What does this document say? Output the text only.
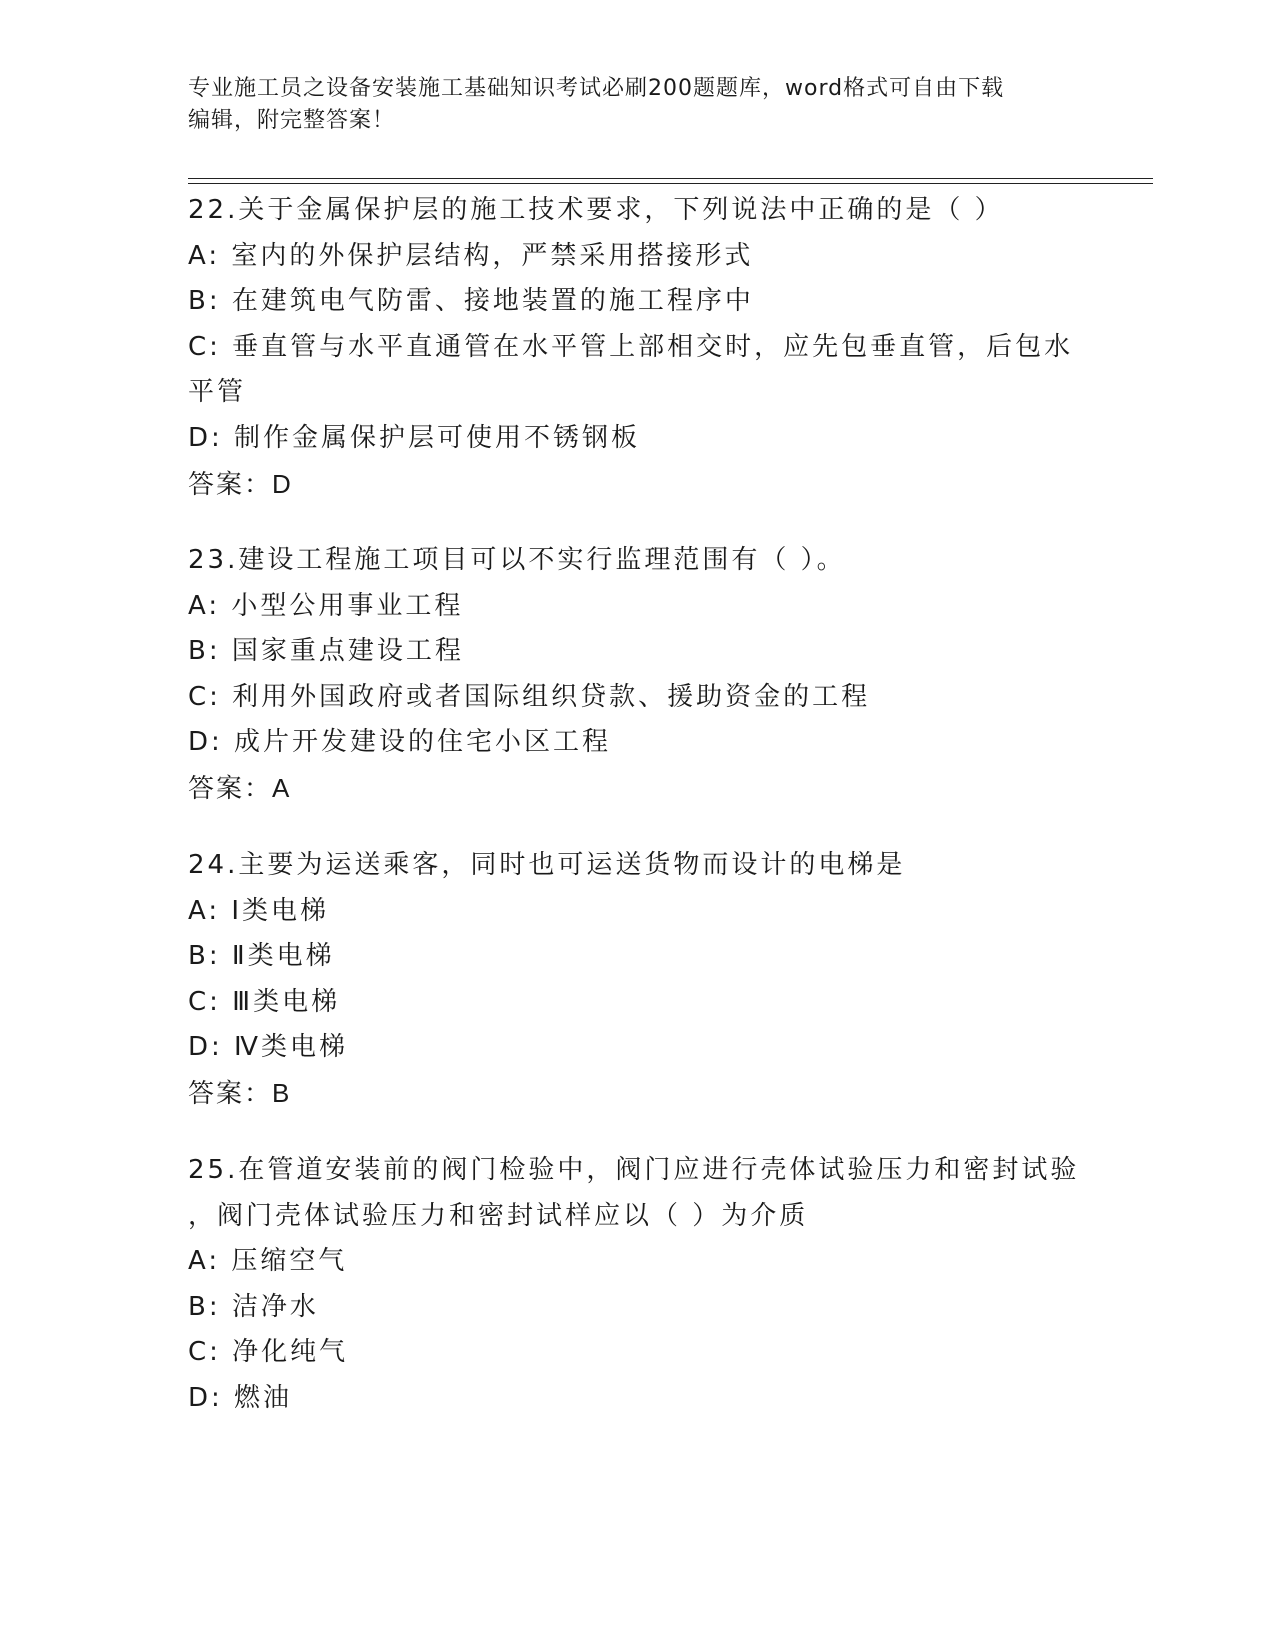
专业施工员之设备安装施工基础知识考试必刷200题题库，word格式可自由下载
编辑，附完整答案！
22.关于金属保护层的施工技术要求，下列说法中正确的是（ ）
A: 室内的外保护层结构，严禁采用搭接形式
B: 在建筑电气防雷、接地装置的施工程序中
C: 垂直管与水平直通管在水平管上部相交时，应先包垂直管，后包水
平管
D: 制作金属保护层可使用不锈钢板
答案：D
23.建设工程施工项目可以不实行监理范围有（ ）。
A: 小型公用事业工程
B: 国家重点建设工程
C: 利用外国政府或者国际组织贷款、援助资金的工程
D: 成片开发建设的住宅小区工程
答案：A
24.主要为运送乘客，同时也可运送货物而设计的电梯是
A: Ⅰ类电梯
B: Ⅱ类电梯
C: Ⅲ类电梯
D: Ⅳ类电梯
答案：B
25.在管道安装前的阀门检验中，阀门应进行壳体试验压力和密封试验
，阀门壳体试验压力和密封试样应以（ ）为介质
A: 压缩空气
B: 洁净水
C: 净化纯气
D: 燃油
